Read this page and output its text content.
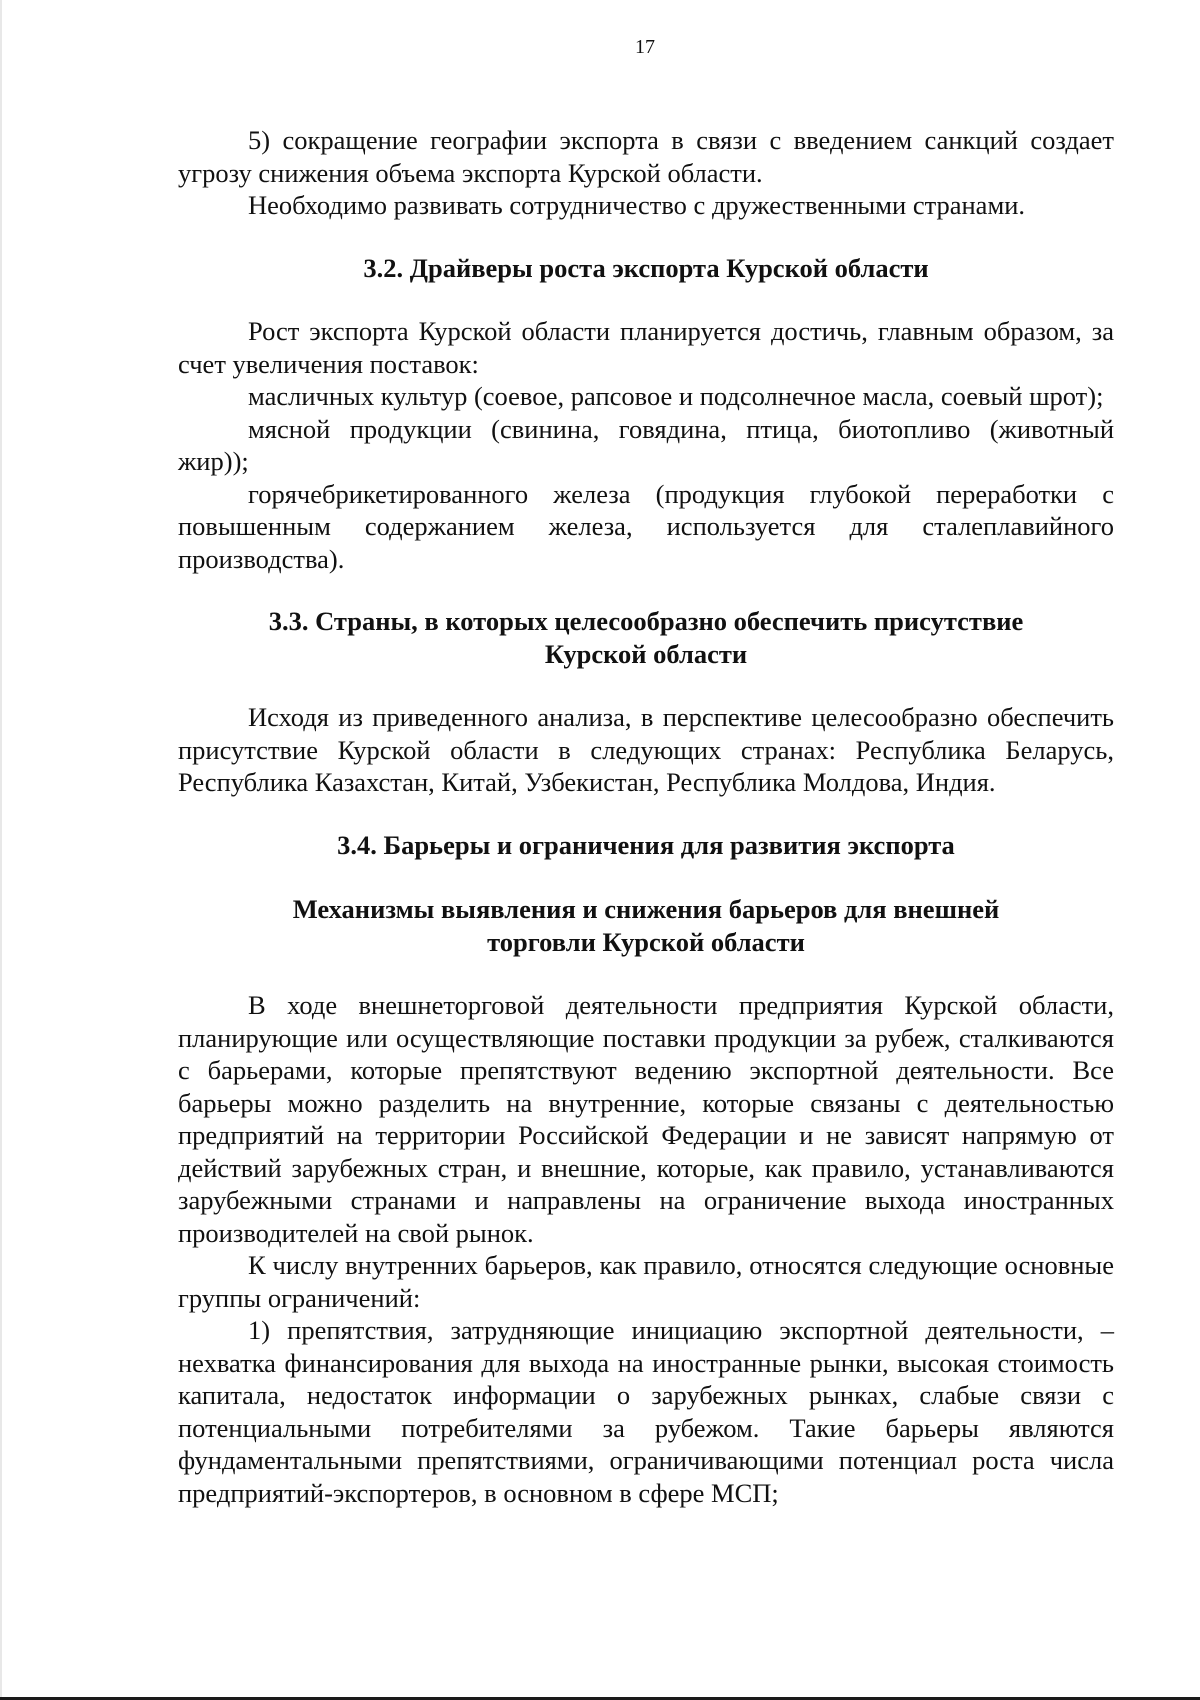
17

5) сокращение географии экспорта в связи с введением санкций создает угрозу снижения объема экспорта Курской области.

Необходимо развивать сотрудничество с дружественными странами.

3.2. Драйверы роста экспорта Курской области

Рост экспорта Курской области планируется достичь, главным образом, за счет увеличения поставок:

масличных культур (соевое, рапсовое и подсолнечное масла, соевый шрот);

мясной продукции (свинина, говядина, птица, биотопливо (животный жир));

горячебрикетированного железа (продукция глубокой переработки с повышенным содержанием железа, используется для сталеплавийного производства).

3.3. Страны, в которых целесообразно обеспечить присутствие
Курской области

Исходя из приведенного анализа, в перспективе целесообразно обеспечить присутствие Курской области в следующих странах: Республика Беларусь, Республика Казахстан, Китай, Узбекистан, Республика Молдова, Индия.

3.4. Барьеры и ограничения для развития экспорта
Механизмы выявления и снижения барьеров для внешней
торговли Курской области

В ходе внешнеторговой деятельности предприятия Курской области, планирующие или осуществляющие поставки продукции за рубеж, сталкиваются с барьерами, которые препятствуют ведению экспортной деятельности. Все барьеры можно разделить на внутренние, которые связаны с деятельностью предприятий на территории Российской Федерации и не зависят напрямую от действий зарубежных стран, и внешние, которые, как правило, устанавливаются зарубежными странами и направлены на ограничение выхода иностранных производителей на свой рынок.

К числу внутренних барьеров, как правило, относятся следующие основные группы ограничений:

1) препятствия, затрудняющие инициацию экспортной деятельности, – нехватка финансирования для выхода на иностранные рынки, высокая стоимость капитала, недостаток информации о зарубежных рынках, слабые связи с потенциальными потребителями за рубежом. Такие барьеры являются фундаментальными препятствиями, ограничивающими потенциал роста числа предприятий-экспортеров, в основном в сфере МСП;
